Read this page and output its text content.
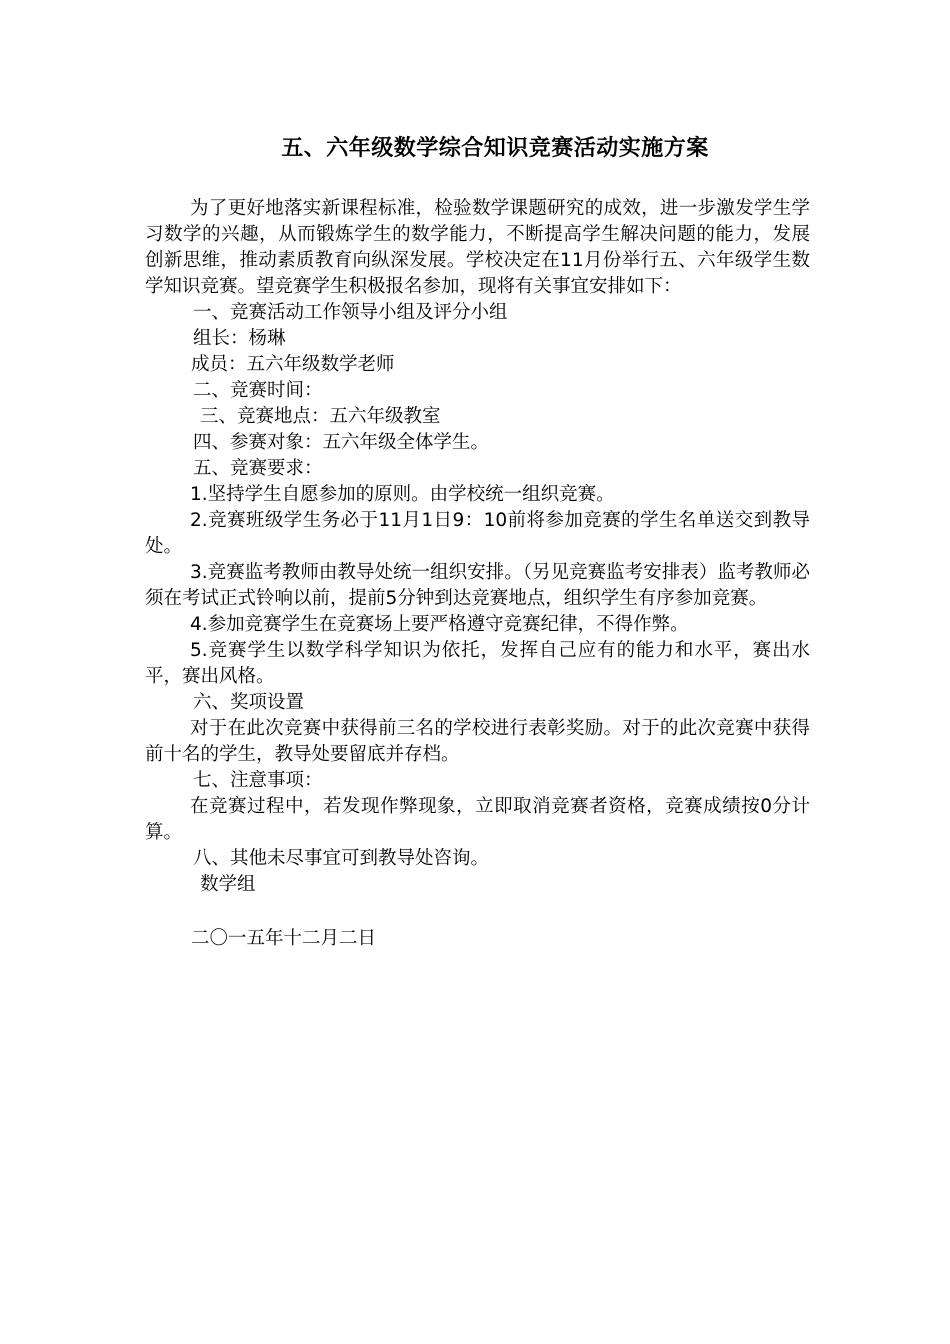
五、六年级数学综合知识竞赛活动实施方案

为了更好地落实新课程标准，检验数学课题研究的成效，进一步激发学生学习数学的兴趣，从而锻炼学生的数学能力，不断提高学生解决问题的能力，发展创新思维，推动素质教育向纵深发展。学校决定在11月份举行五、六年级学生数学知识竞赛。望竞赛学生积极报名参加，现将有关事宜安排如下：

一、竞赛活动工作领导小组及评分小组

组长：杨琳

成员：五六年级数学老师

二、竞赛时间：

三、竞赛地点：五六年级教室

四、参赛对象：五六年级全体学生。

五、竞赛要求：

1.坚持学生自愿参加的原则。由学校统一组织竞赛。

2.竞赛班级学生务必于11月1日9：10前将参加竞赛的学生名单送交到教导处。

3.竞赛监考教师由教导处统一组织安排。（另见竞赛监考安排表）监考教师必须在考试正式铃响以前，提前5分钟到达竞赛地点，组织学生有序参加竞赛。

4.参加竞赛学生在竞赛场上要严格遵守竞赛纪律，不得作弊。

5.竞赛学生以数学科学知识为依托，发挥自己应有的能力和水平，赛出水平，赛出风格。

六、奖项设置

对于在此次竞赛中获得前三名的学校进行表彰奖励。对于的此次竞赛中获得前十名的学生，教导处要留底并存档。

七、注意事项：

在竞赛过程中，若发现作弊现象，立即取消竞赛者资格，竞赛成绩按0分计算。

八、其他未尽事宜可到教导处咨询。

数学组

二〇一五年十二月二日
